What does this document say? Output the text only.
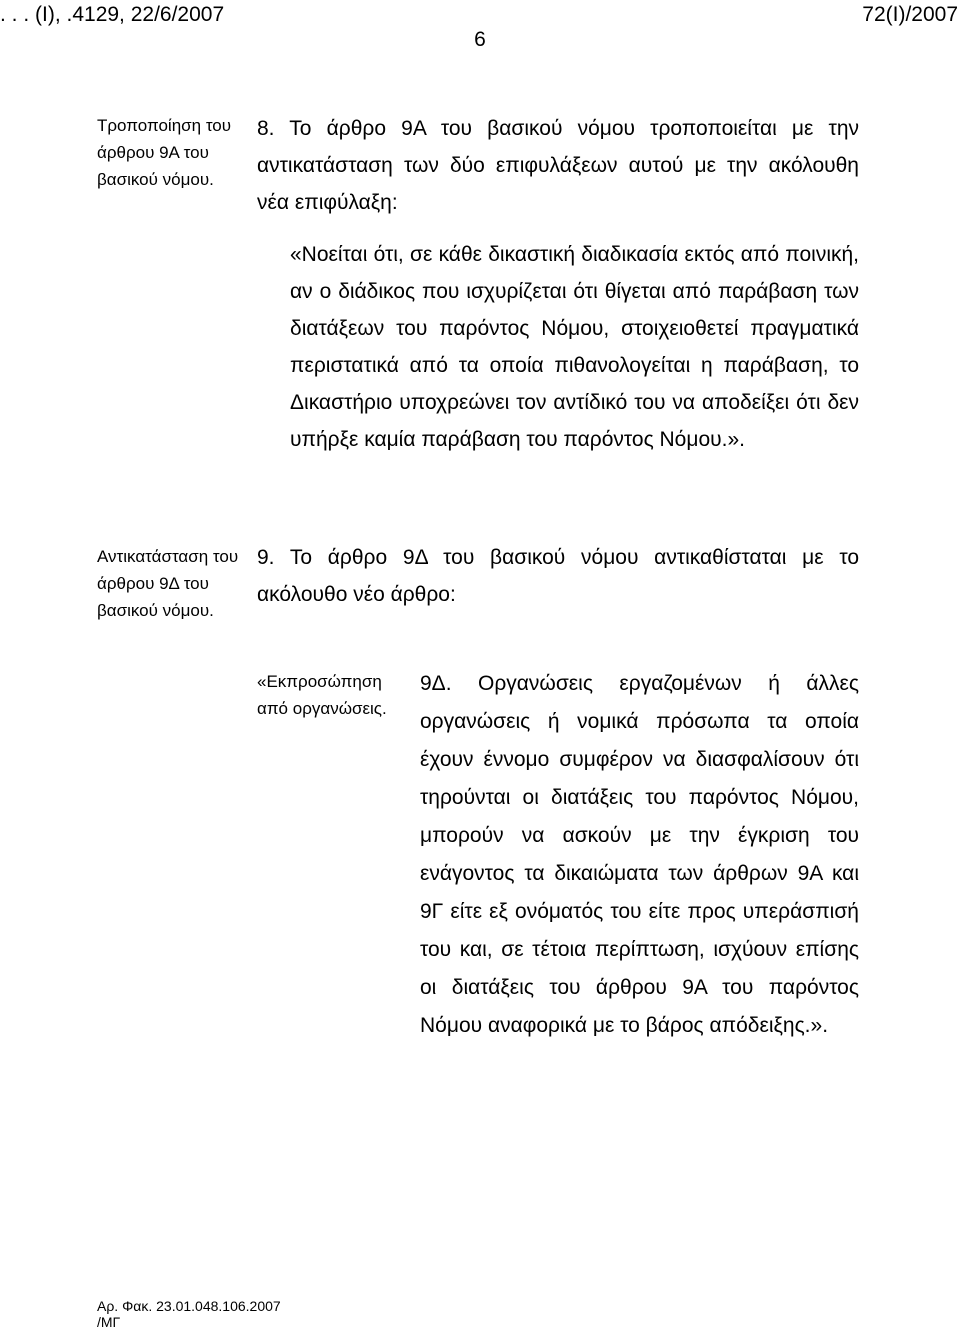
. . . (Ι), .4129, 22/6/2007	72(I)/2007
6
Τροποποίηση του άρθρου 9Α του βασικού νόμου.
8. Το άρθρο 9Α του βασικού νόμου τροποποιείται με την αντικατάσταση των δύο επιφυλάξεων αυτού με την ακόλουθη νέα επιφύλαξη:
«Νοείται ότι, σε κάθε δικαστική διαδικασία εκτός από ποινική, αν ο διάδικος που ισχυρίζεται ότι θίγεται από παράβαση των διατάξεων του παρόντος Νόμου, στοιχειοθετεί πραγματικά περιστατικά από τα οποία πιθανολογείται η παράβαση, το Δικαστήριο υποχρεώνει τον αντίδικό του να αποδείξει ότι δεν υπήρξε καμία παράβαση του παρόντος Νόμου.».
Αντικατάσταση του άρθρου 9Δ του βασικού νόμου.
9. Το άρθρο 9Δ του βασικού νόμου αντικαθίσταται με το ακόλουθο νέο άρθρο:
«Εκπροσώπηση από οργανώσεις.
9Δ. Οργανώσεις εργαζομένων ή άλλες οργανώσεις ή νομικά πρόσωπα τα οποία έχουν έννομο συμφέρον να διασφαλίσουν ότι τηρούνται οι διατάξεις του παρόντος Νόμου, μπορούν να ασκούν με την έγκριση του ενάγοντος τα δικαιώματα των άρθρων 9Α και 9Γ είτε εξ ονόματός του είτε προς υπεράσπισή του και, σε τέτοια περίπτωση, ισχύουν επίσης οι διατάξεις του άρθρου 9Α του παρόντος Νόμου αναφορικά με το βάρος απόδειξης.».
Αρ. Φακ. 23.01.048.106.2007
/ΜΓ
